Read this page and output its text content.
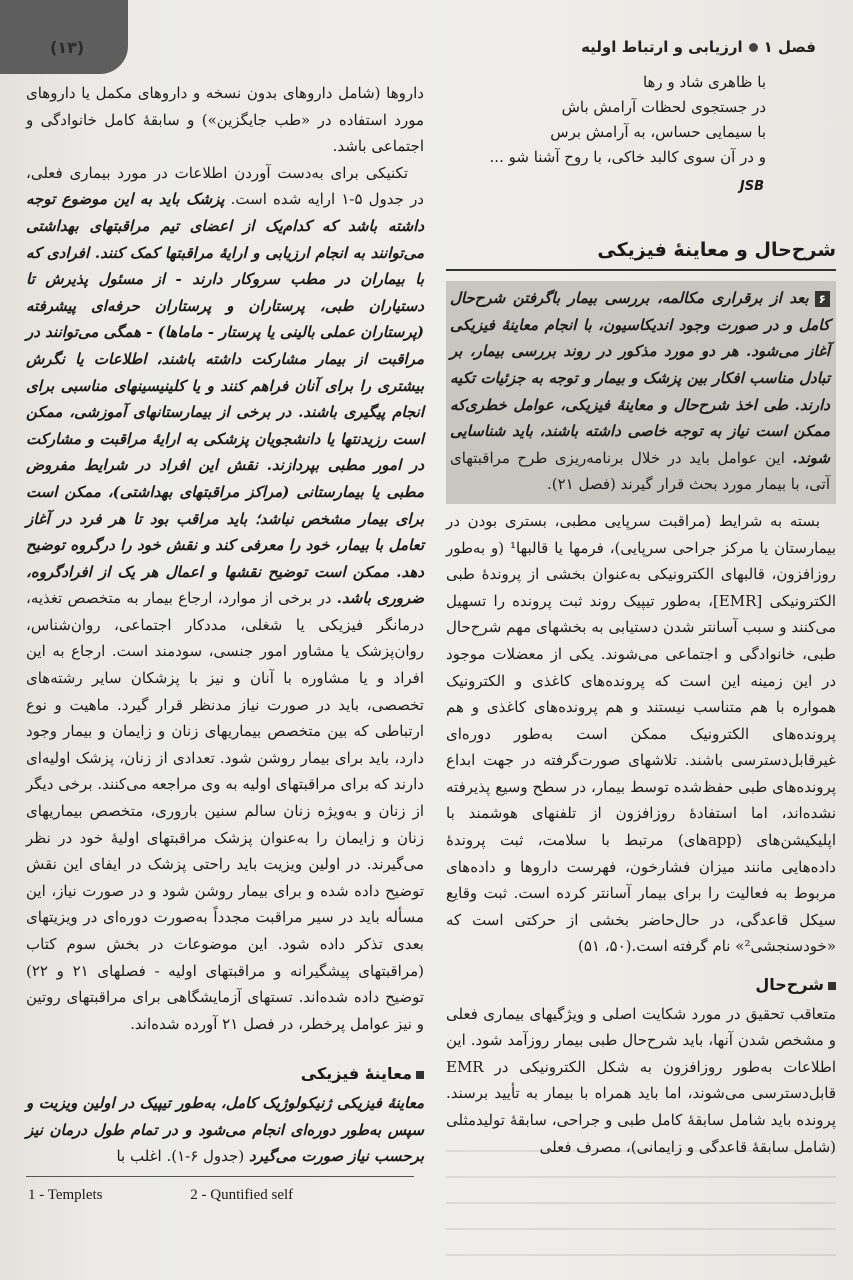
فصل ۱
ارزیابی و ارتباط اولیه
(۱۳)
با ظاهری شاد و رها
در جستجوی لحظات آرامش باش
با سیمایی حساس، به آرامش برس
و در آن سوی کالبد خاکی، با روح آشنا شو ...
JSB
شرح‌حال و معاینهٔ فیزیکی

۶بعد از برقراری مکالمه، بررسی بیمار با‌گرفتن شرح‌حال کامل و در صورت وجود اندیکاسیون، با انجام معاینهٔ فیزیکی آغاز می‌شود. هر دو مورد مذکور در روند بررسی بیمار، بر تبادل مناسب افکار بین پزشک و بیمار و توجه به جزئیات تکیه دارند. طی اخذ شرح‌حال و معاینهٔ فیزیکی، عوامل خطری‌که ممکن است نیاز به توجه خاصی داشته باشند، باید شناسایی شوند. این عوامل باید در خلال برنامه‌ریزی طرح مراقبتهای آتی، با بیمار مورد بحث قرار گیرند (فصل ۲۱).

بسته به شرایط (مراقبت سرپایی مطبی، بستری بودن در بیمارستان یا مرکز جراحی سرپایی)، فرمها یا قالبها¹ (و به‌طور روزافزون، قالبهای الکترونیکی به‌عنوان بخشی از پروندهٔ طبی الکترونیکی [EMR]، به‌طور تیپیک روند ثبت پرونده را تسهیل می‌کنند و سبب آسانتر شدن دستیابی به بخشهای مهم شرح‌حال طبی، خانوادگی و اجتماعی می‌شوند. یکی از معضلات موجود در این زمینه این است که پرونده‌های کاغذی و الکترونیک همواره با هم متناسب نیستند و هم پرونده‌های کاغذی و هم پرونده‌های الکترونیک ممکن است به‌طور دوره‌ای غیرقابل‌دسترسی باشند. تلاشهای صورت‌گرفته در جهت ابداع پرونده‌های طبی حفظ‌شده توسط بیمار، در سطح وسیع پذیرفته نشده‌اند، اما استفادهٔ روزافزون از تلفنهای هوشمند با اپلیکیشن‌های (appهای) مرتبط با سلامت، ثبت پروندهٔ داده‌هایی مانند میزان فشارخون، فهرست داروها و داده‌های مربوط به فعالیت را برای بیمار آسانتر کرده است. ثبت وقایع سیکل قاعدگی، در حال‌حاضر بخشی از حرکتی است که «خودسنجشی²» نام گرفته است.(۵۰، ۵۱)

شرح‌حال

متعاقب تحقیق در مورد شکایت اصلی و ویژگیهای بیماری فعلی و مشخص شدن آنها، باید شرح‌حال طبی بیمار روزآمد شود. این اطلاعات به‌طور روزافزون به شکل الکترونیکی در EMR قابل‌دسترسی می‌شوند، اما باید همراه با بیمار به تأیید برسند. پرونده باید شامل سابقهٔ کامل طبی و جراحی، سابقهٔ تولیدمثلی (شامل سابقهٔ قاعدگی و زایمانی)، مصرف فعلی

داروها (شامل داروهای بدون نسخه و داروهای مکمل یا داروهای مورد استفاده در «طب جایگزین») و سابقهٔ کامل خانوادگی و اجتماعی باشد.

تکنیکی برای به‌دست آوردن اطلاعات در مورد بیماری فعلی، در جدول ۵-۱ ارایه شده است. پزشک باید به این موضوع توجه داشته باشد که کدام‌یک از اعضای تیم مراقبتهای بهداشتی می‌توانند به انجام ارزیابی و ارایهٔ مراقبتها کمک کنند. افرادی که با بیماران در مطب سروکار دارند - از مسئول پذیرش تا دستیاران طبی، پرستاران و پرستاران حرفه‌ای پیشرفته (پرستاران عملی بالینی یا پرستار - ماماها) - همگی می‌توانند در مراقبت از بیمار مشارکت داشته باشند، اطلاعات یا نگرش بیشتری را برای آنان فراهم کنند و یا کلینیسینهای مناسبی برای انجام پیگیری باشند. در برخی از بیمارستانهای آموزشی، ممکن است رزیدنتها یا دانشجویان پزشکی به ارایهٔ مراقبت و مشارکت در امور مطبی بپردازند. نقش این افراد در شرایط مفروض مطبی یا بیمارستانی (مراکز مراقبتهای بهداشتی)، ممکن است برای بیمار مشخص نباشد؛ باید مراقب بود تا هر فرد در آغاز تعامل با بیمار، خود را معرفی کند و نقش خود را درگروه توضیح دهد. ممکن است توضیح نقشها و اعمال هر یک از افرادگروه، ضروری باشد. در برخی از موارد، ارجاع بیمار به متخصص تغذیه، درمانگر فیزیکی یا شغلی، مددکار اجتماعی، روان‌شناس، روان‌پزشک یا مشاور امور جنسی، سودمند است. ارجاع به این افراد و یا مشاوره با آنان و نیز با پزشکان سایر رشته‌های تخصصی، باید در صورت نیاز مدنظر قرار گیرد. ماهیت و نوع ارتباطی که بین متخصص بیماریهای زنان و زایمان و بیمار وجود دارد، باید برای بیمار روشن شود. تعدادی از زنان، پزشک اولیه‌ای دارند که برای مراقبتهای اولیه به وی مراجعه می‌کنند. برخی دیگر از زنان و به‌ویژه زنان سالم سنین باروری، متخصص بیماریهای زنان و زایمان را به‌عنوان پزشک مراقبتهای اولیهٔ خود در نظر می‌گیرند. در اولین ویزیت باید راحتی پزشک در ایفای این نقش توضیح داده شده و برای بیمار روشن شود و در صورت نیاز، این مسأله باید در سیر مراقبت مجدداً به‌صورت دوره‌ای در ویزیتهای بعدی تذکر داده شود. این موضوعات در بخش سوم کتاب (مراقبتهای پیشگیرانه و مراقبتهای اولیه - فصلهای ۲۱ و ۲۲) توضیح داده شده‌اند. تستهای آزمایشگاهی برای مراقبتهای روتین و نیز عوامل پرخطر، در فصل ۲۱ آورده شده‌اند.

معاینهٔ فیزیکی

معاینهٔ فیزیکی ژنیکولوژیک کامل، به‌طور تیپیک در اولین ویزیت و سپس به‌طور دوره‌ای انجام می‌شود و در تمام طول درمان نیز برحسب نیاز صورت می‌گیرد (جدول ۶-۱). اغلب با

1 - Templets	2 - Quntified self
